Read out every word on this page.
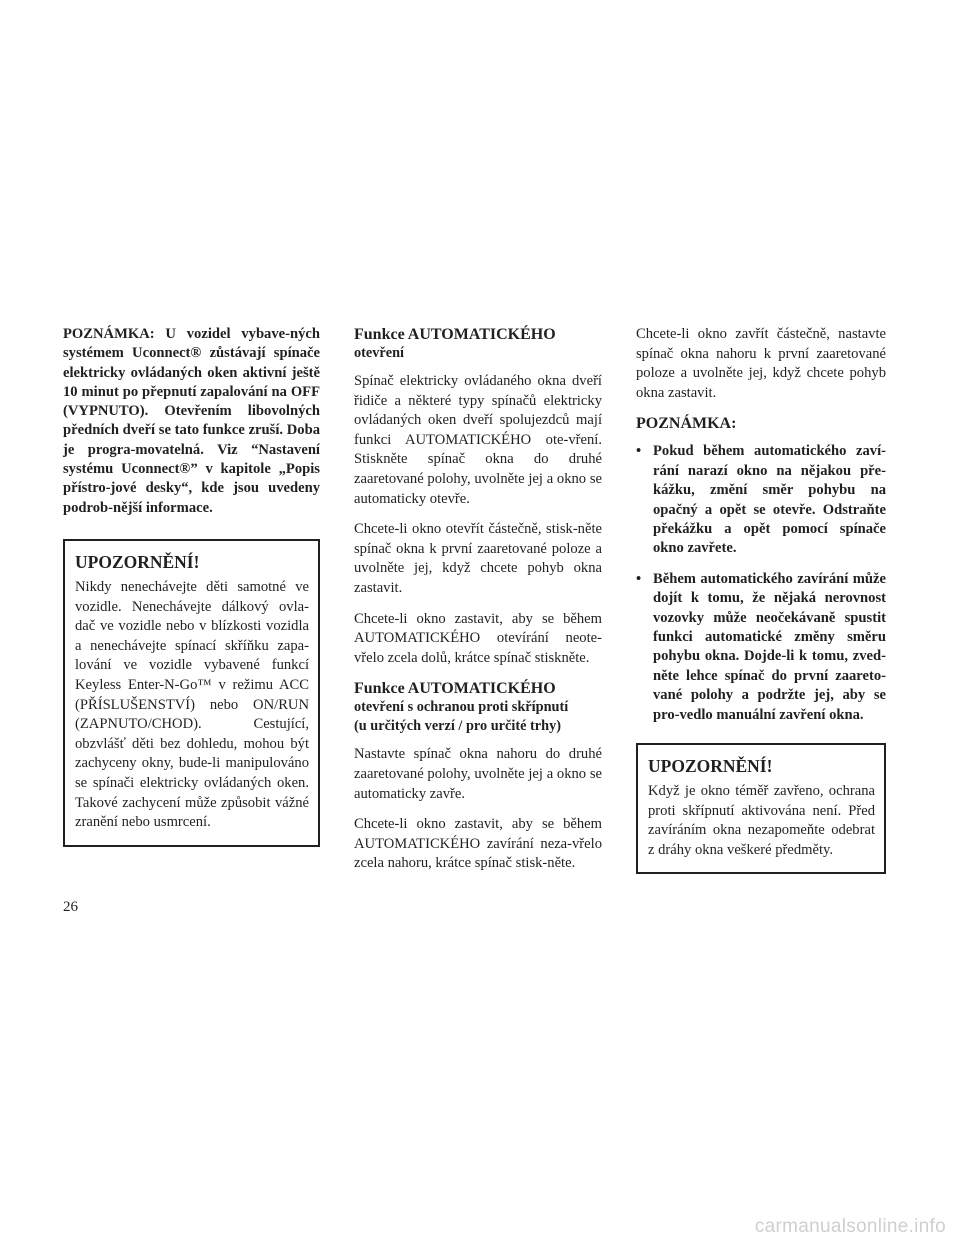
POZNÁMKA: U vozidel vybave-ných systémem Uconnect® zůstávají spínače elektricky ovládaných oken aktivní ještě 10 minut po přepnutí zapalování na OFF (VYPNUTO). Otevřením libovolných předních dveří se tato funkce zruší. Doba je progra-movatelná. Viz “Nastavení systému Uconnect®” v kapitole „Popis přístro-jové desky“, kde jsou uvedeny podrob-nější informace.

UPOZORNĚNÍ!

Nikdy nenechávejte děti samotné ve vozidle. Nenechávejte dálkový ovla-dač ve vozidle nebo v blízkosti vozidla a nenechávejte spínací skříňku zapa-lování ve vozidle vybavené funkcí Keyless Enter-N-Go™ v režimu ACC (PŘÍSLUŠENSTVÍ) nebo ON/RUN (ZAPNUTO/CHOD). Cestující, obzvlášť děti bez dohledu, mohou být zachyceny okny, bude-li manipulováno se spínači elektricky ovládaných oken. Takové zachycení může způsobit vážné zranění nebo usmrcení.

Funkce AUTOMATICKÉHO
otevření

Spínač elektricky ovládaného okna dveří řidiče a některé typy spínačů elektricky ovládaných oken dveří spolujezdců mají funkci AUTOMATICKÉHO ote-vření. Stiskněte spínač okna do druhé zaaretované polohy, uvolněte jej a okno se automaticky otevře.

Chcete-li okno otevřít částečně, stisk-něte spínač okna k první zaaretované poloze a uvolněte jej, když chcete pohyb okna zastavit.

Chcete-li okno zastavit, aby se během AUTOMATICKÉHO otevírání neote-vřelo zcela dolů, krátce spínač stiskněte.

Funkce AUTOMATICKÉHO
otevření s ochranou proti skřípnutí
(u určitých verzí / pro určité trhy)

Nastavte spínač okna nahoru do druhé zaaretované polohy, uvolněte jej a okno se automaticky zavře.

Chcete-li okno zastavit, aby se během AUTOMATICKÉHO zavírání neza-vřelo zcela nahoru, krátce spínač stisk-něte.

Chcete-li okno zavřít částečně, nastavte spínač okna nahoru k první zaaretované poloze a uvolněte jej, když chcete pohyb okna zastavit.

POZNÁMKA:
• Pokud během automatického zaví-rání narazí okno na nějakou pře-kážku, změní směr pohybu na opačný a opět se otevře. Odstraňte překážku a opět pomocí spínače okno zavřete.
• Během automatického zavírání může dojít k tomu, že nějaká nerovnost vozovky může neočekávaně spustit funkci automatické změny směru pohybu okna. Dojde-li k tomu, zved-něte lehce spínač do první zaareto-vané polohy a podržte jej, aby se pro-vedlo manuální zavření okna.
UPOZORNĚNÍ!

Když je okno téměř zavřeno, ochrana proti skřípnutí aktivována není. Před zavíráním okna nezapomeňte odebrat z dráhy okna veškeré předměty.

26
carmanualsonline.info
